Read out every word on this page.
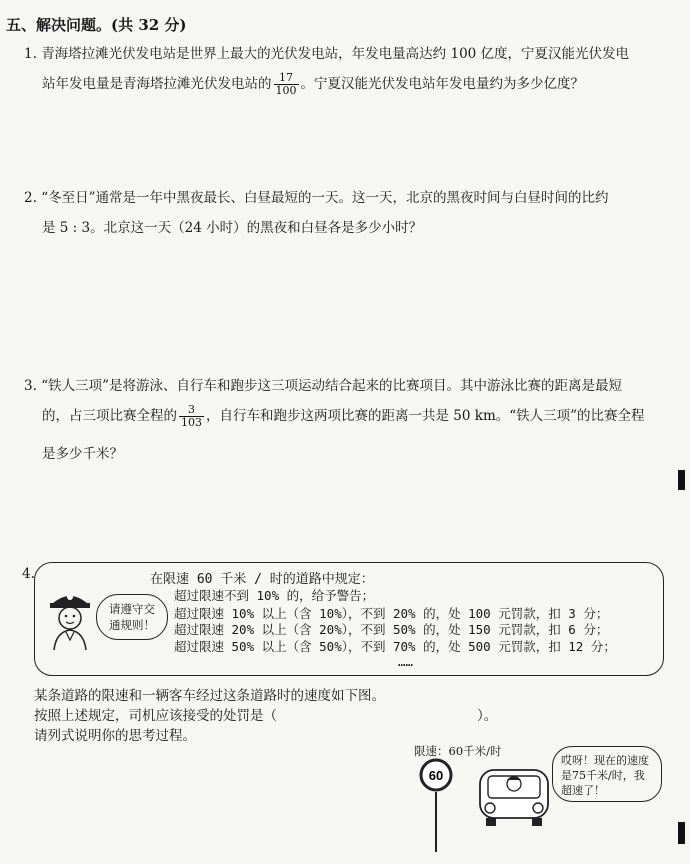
五、解决问题。(共 32 分)
1. 青海塔拉滩光伏发电站是世界上最大的光伏发电站，年发电量高达约 100 亿度，宁夏汉能光伏发电
站年发电量是青海塔拉滩光伏发电站的 $\frac{17}{100}$ 。宁夏汉能光伏发电站年发电量约为多少亿度？
2. “冬至日”通常是一年中黑夜最长、白昼最短的一天。这一天，北京的黑夜时间与白昼时间的比约
是 5 : 3。北京这一天（24 小时）的黑夜和白昼各是多少小时？
3. “铁人三项”是将游泳、自行车和跑步这三项运动结合起来的比赛项目。其中游泳比赛的距离是最短
的，占三项比赛全程的 $\frac{3}{103}$ ，自行车和跑步这两项比赛的距离一共是 50 km。“铁人三项”的比赛全程
是多少千米？
4.
请遵守交
通规则！
在限速 60 千米 / 时的道路中规定：
超过限速不到 10% 的，给予警告；
超过限速 10% 以上（含 10%），不到 20% 的，处 100 元罚款，扣 3 分；
超过限速 20% 以上（含 20%），不到 50% 的，处 150 元罚款，扣 6 分；
超过限速 50% 以上（含 50%），不到 70% 的，处 500 元罚款，扣 12 分；
……
某条道路的限速和一辆客车经过这条道路时的速度如下图。
按照上述规定，司机应该接受的处罚是（	）。
请列式说明你的思考过程。
限速：60千米/时
60
哎呀！现在的速度是75千米/时，我超速了！
